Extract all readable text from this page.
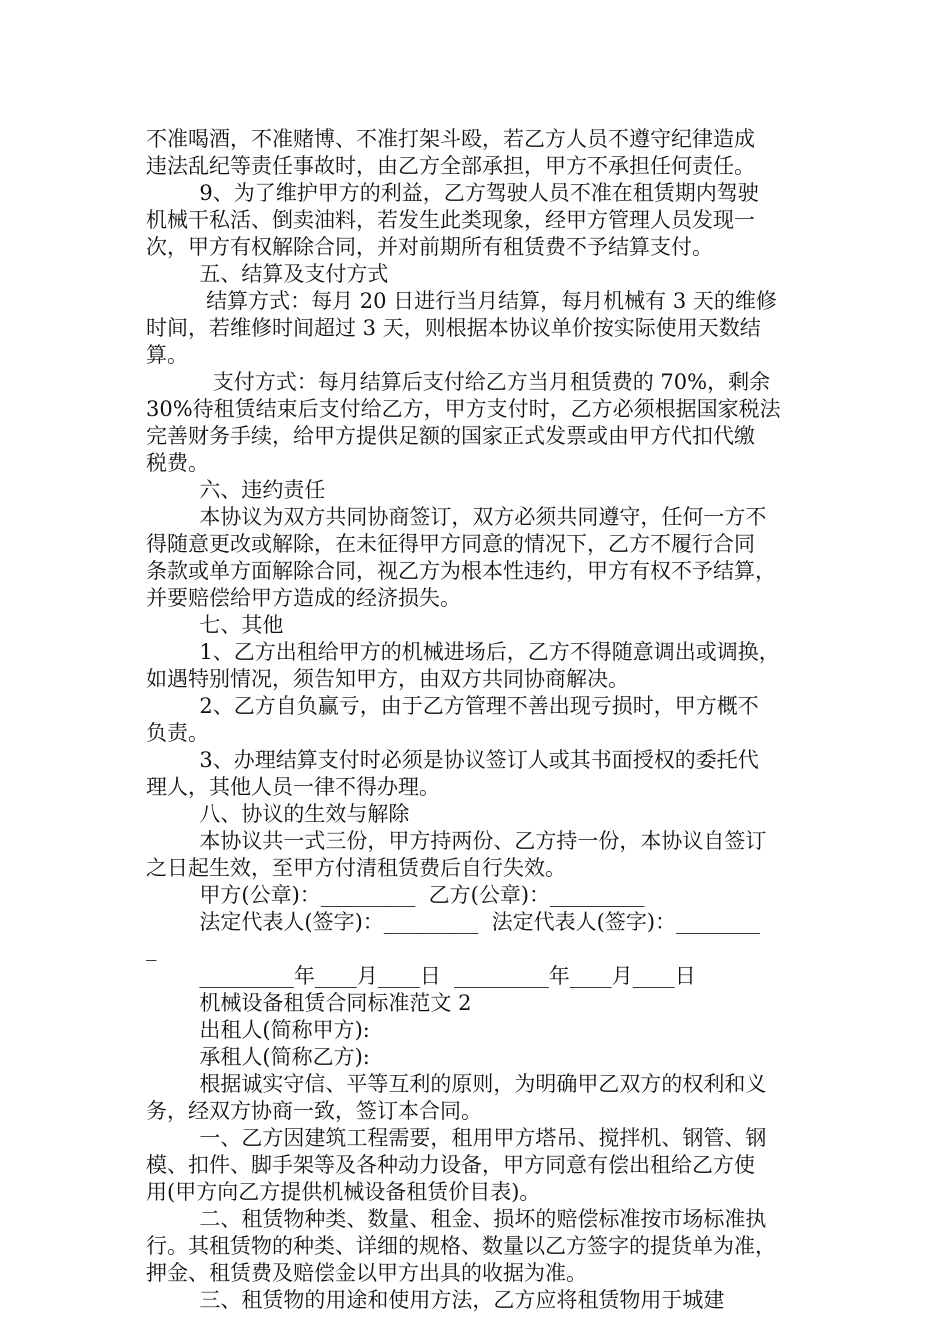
不准喝酒，不准赌博、不准打架斗殴，若乙方人员不遵守纪律造成
违法乱纪等责任事故时，由乙方全部承担，甲方不承担任何责任。
9、为了维护甲方的利益，乙方驾驶人员不准在租赁期内驾驶
机械干私活、倒卖油料，若发生此类现象，经甲方管理人员发现一
次，甲方有权解除合同，并对前期所有租赁费不予结算支付。
五、结算及支付方式
结算方式：每月 20 日进行当月结算，每月机械有 3 天的维修
时间，若维修时间超过 3 天，则根据本协议单价按实际使用天数结
算。
支付方式：每月结算后支付给乙方当月租赁费的 70%，剩余
30%待租赁结束后支付给乙方，甲方支付时，乙方必须根据国家税法
完善财务手续，给甲方提供足额的国家正式发票或由甲方代扣代缴
税费。
六、违约责任
本协议为双方共同协商签订，双方必须共同遵守，任何一方不
得随意更改或解除，在未征得甲方同意的情况下，乙方不履行合同
条款或单方面解除合同，视乙方为根本性违约，甲方有权不予结算，
并要赔偿给甲方造成的经济损失。
七、其他
1、乙方出租给甲方的机械进场后，乙方不得随意调出或调换，
如遇特别情况，须告知甲方，由双方共同协商解决。
2、乙方自负赢亏，由于乙方管理不善出现亏损时，甲方概不
负责。
3、办理结算支付时必须是协议签订人或其书面授权的委托代
理人，其他人员一律不得办理。
八、协议的生效与解除
本协议共一式三份，甲方持两份、乙方持一份，本协议自签订
之日起生效，至甲方付清租赁费后自行失效。
甲方(公章)：_________  乙方(公章)：_________
法定代表人(签字)：_________  法定代表人(签字)：________
_
_________年____月____日  _________年____月____日
机械设备租赁合同标准范文 2
出租人(简称甲方):
承租人(简称乙方):
根据诚实守信、平等互利的原则，为明确甲乙双方的权利和义
务，经双方协商一致，签订本合同。
一、乙方因建筑工程需要，租用甲方塔吊、搅拌机、钢管、钢
模、扣件、脚手架等及各种动力设备，甲方同意有偿出租给乙方使
用(甲方向乙方提供机械设备租赁价目表)。
二、租赁物种类、数量、租金、损坏的赔偿标准按市场标准执
行。其租赁物的种类、详细的规格、数量以乙方签字的提货单为准，
押金、租赁费及赔偿金以甲方出具的收据为准。
三、租赁物的用途和使用方法，乙方应将租赁物用于城建
